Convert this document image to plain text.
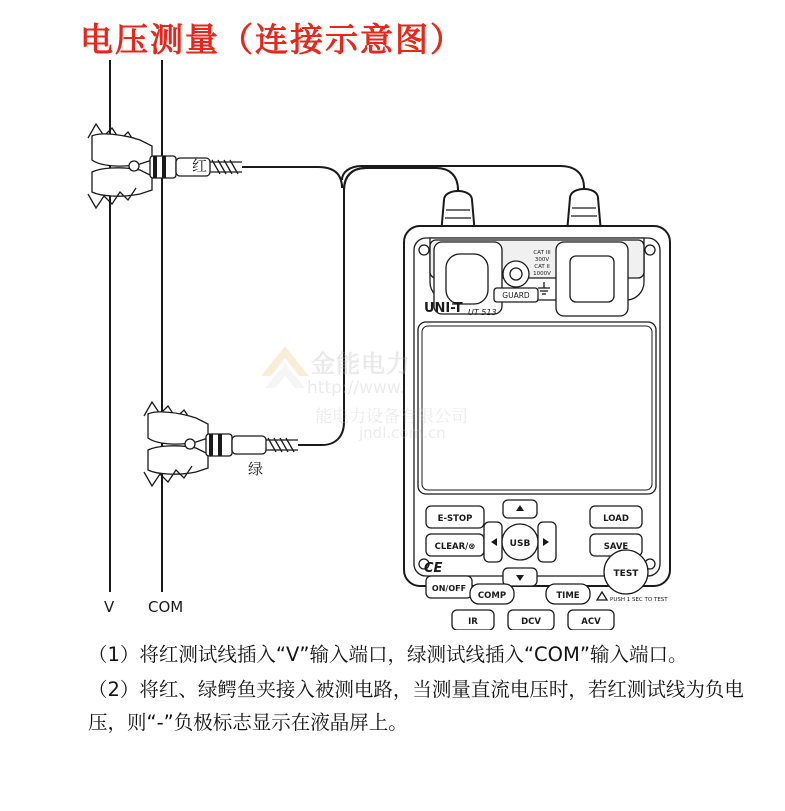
电压测量（连接示意图）
GUARD
CAT III
300V
CAT II
1000V
UNI-T UT 513
E-STOP
CLEAR/⊗
LOAD
SAVE
USB
ON/OFF
COMP	TIME
TEST
PUSH 1 SEC TO TEST
CE
IR	DCV	ACV
红
绿
V COM
金能电力
http://www.
能电力设备有限公司
jndl.com.cn

（1）将红测试线插入“V”输入端口，绿测试线插入“COM”输入端口。

（2）将红、绿鳄鱼夹接入被测电路，当测量直流电压时，若红测试线为负电压，则“-”负极标志显示在液晶屏上。
